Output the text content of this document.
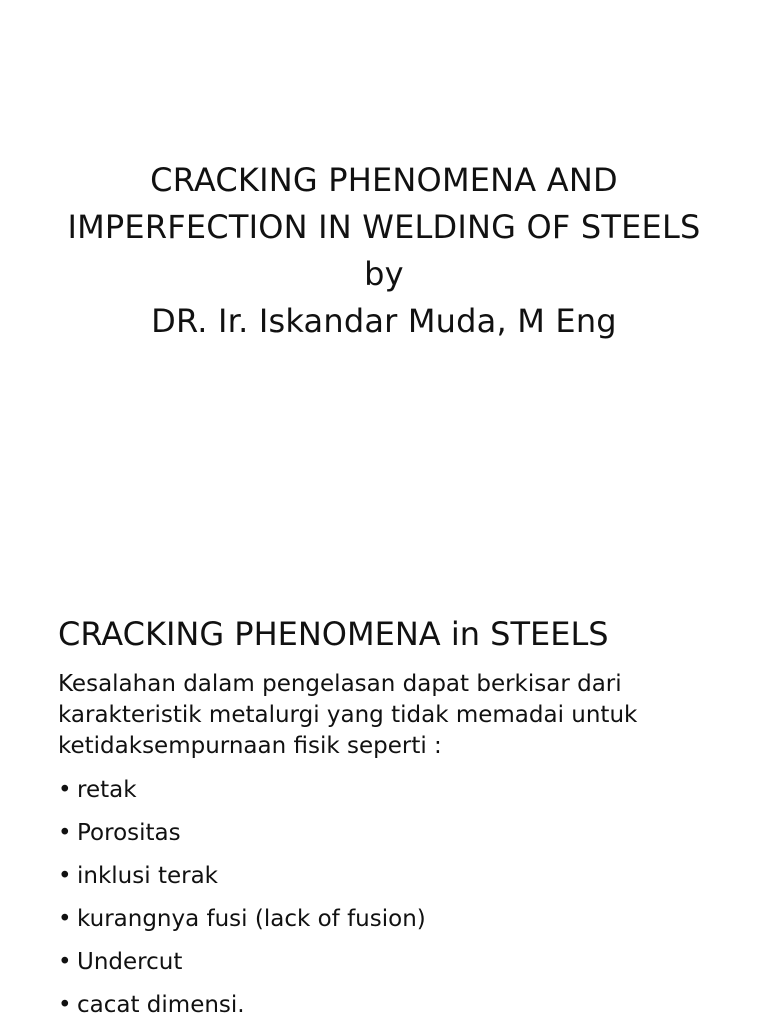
CRACKING PHENOMENA AND
IMPERFECTION IN WELDING OF STEELS
by
DR. Ir. Iskandar Muda, M Eng
CRACKING PHENOMENA in STEELS
Kesalahan dalam pengelasan dapat berkisar dari
karakteristik metalurgi yang tidak memadai untuk
ketidaksempurnaan fisik seperti :
• retak
• Porositas
• inklusi terak
• kurangnya fusi (lack of fusion)
• Undercut
• cacat dimensi.
